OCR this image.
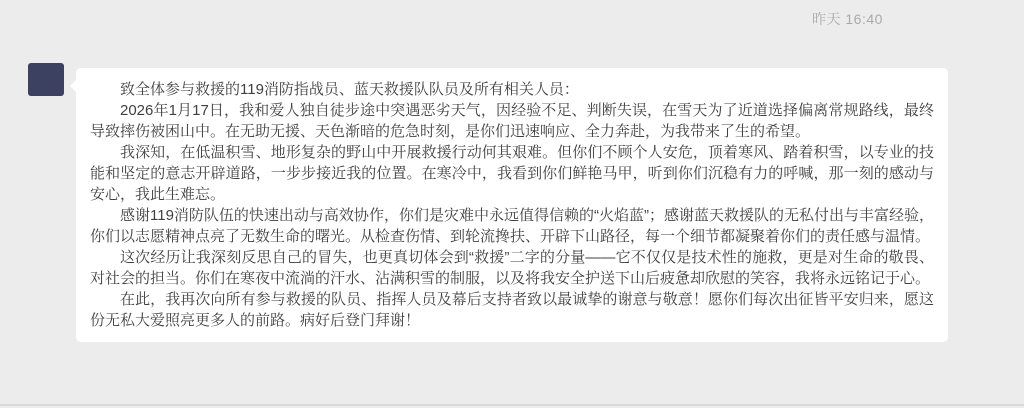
昨天 16:40

致全体参与救援的119消防指战员、蓝天救援队队员及所有相关人员：

2026年1月17日，我和爱人独自徒步途中突遇恶劣天气，因经验不足、判断失误，在雪天为了近道选择偏离常规路线，最终导致摔伤被困山中。在无助无援、天色渐暗的危急时刻，是你们迅速响应、全力奔赴，为我带来了生的希望。

我深知，在低温积雪、地形复杂的野山中开展救援行动何其艰难。但你们不顾个人安危，顶着寒风、踏着积雪，以专业的技能和坚定的意志开辟道路，一步步接近我的位置。在寒冷中，我看到你们鲜艳马甲，听到你们沉稳有力的呼喊，那一刻的感动与安心，我此生难忘。

感谢119消防队伍的快速出动与高效协作，你们是灾难中永远值得信赖的“火焰蓝”；感谢蓝天救援队的无私付出与丰富经验，你们以志愿精神点亮了无数生命的曙光。从检查伤情、到轮流搀扶、开辟下山路径，每一个细节都凝聚着你们的责任感与温情。

这次经历让我深刻反思自己的冒失，也更真切体会到“救援”二字的分量——它不仅仅是技术性的施救，更是对生命的敬畏、对社会的担当。你们在寒夜中流淌的汗水、沾满积雪的制服，以及将我安全护送下山后疲惫却欣慰的笑容，我将永远铭记于心。

在此，我再次向所有参与救援的队员、指挥人员及幕后支持者致以最诚挚的谢意与敬意！愿你们每次出征皆平安归来，愿这份无私大爱照亮更多人的前路。病好后登门拜谢！
